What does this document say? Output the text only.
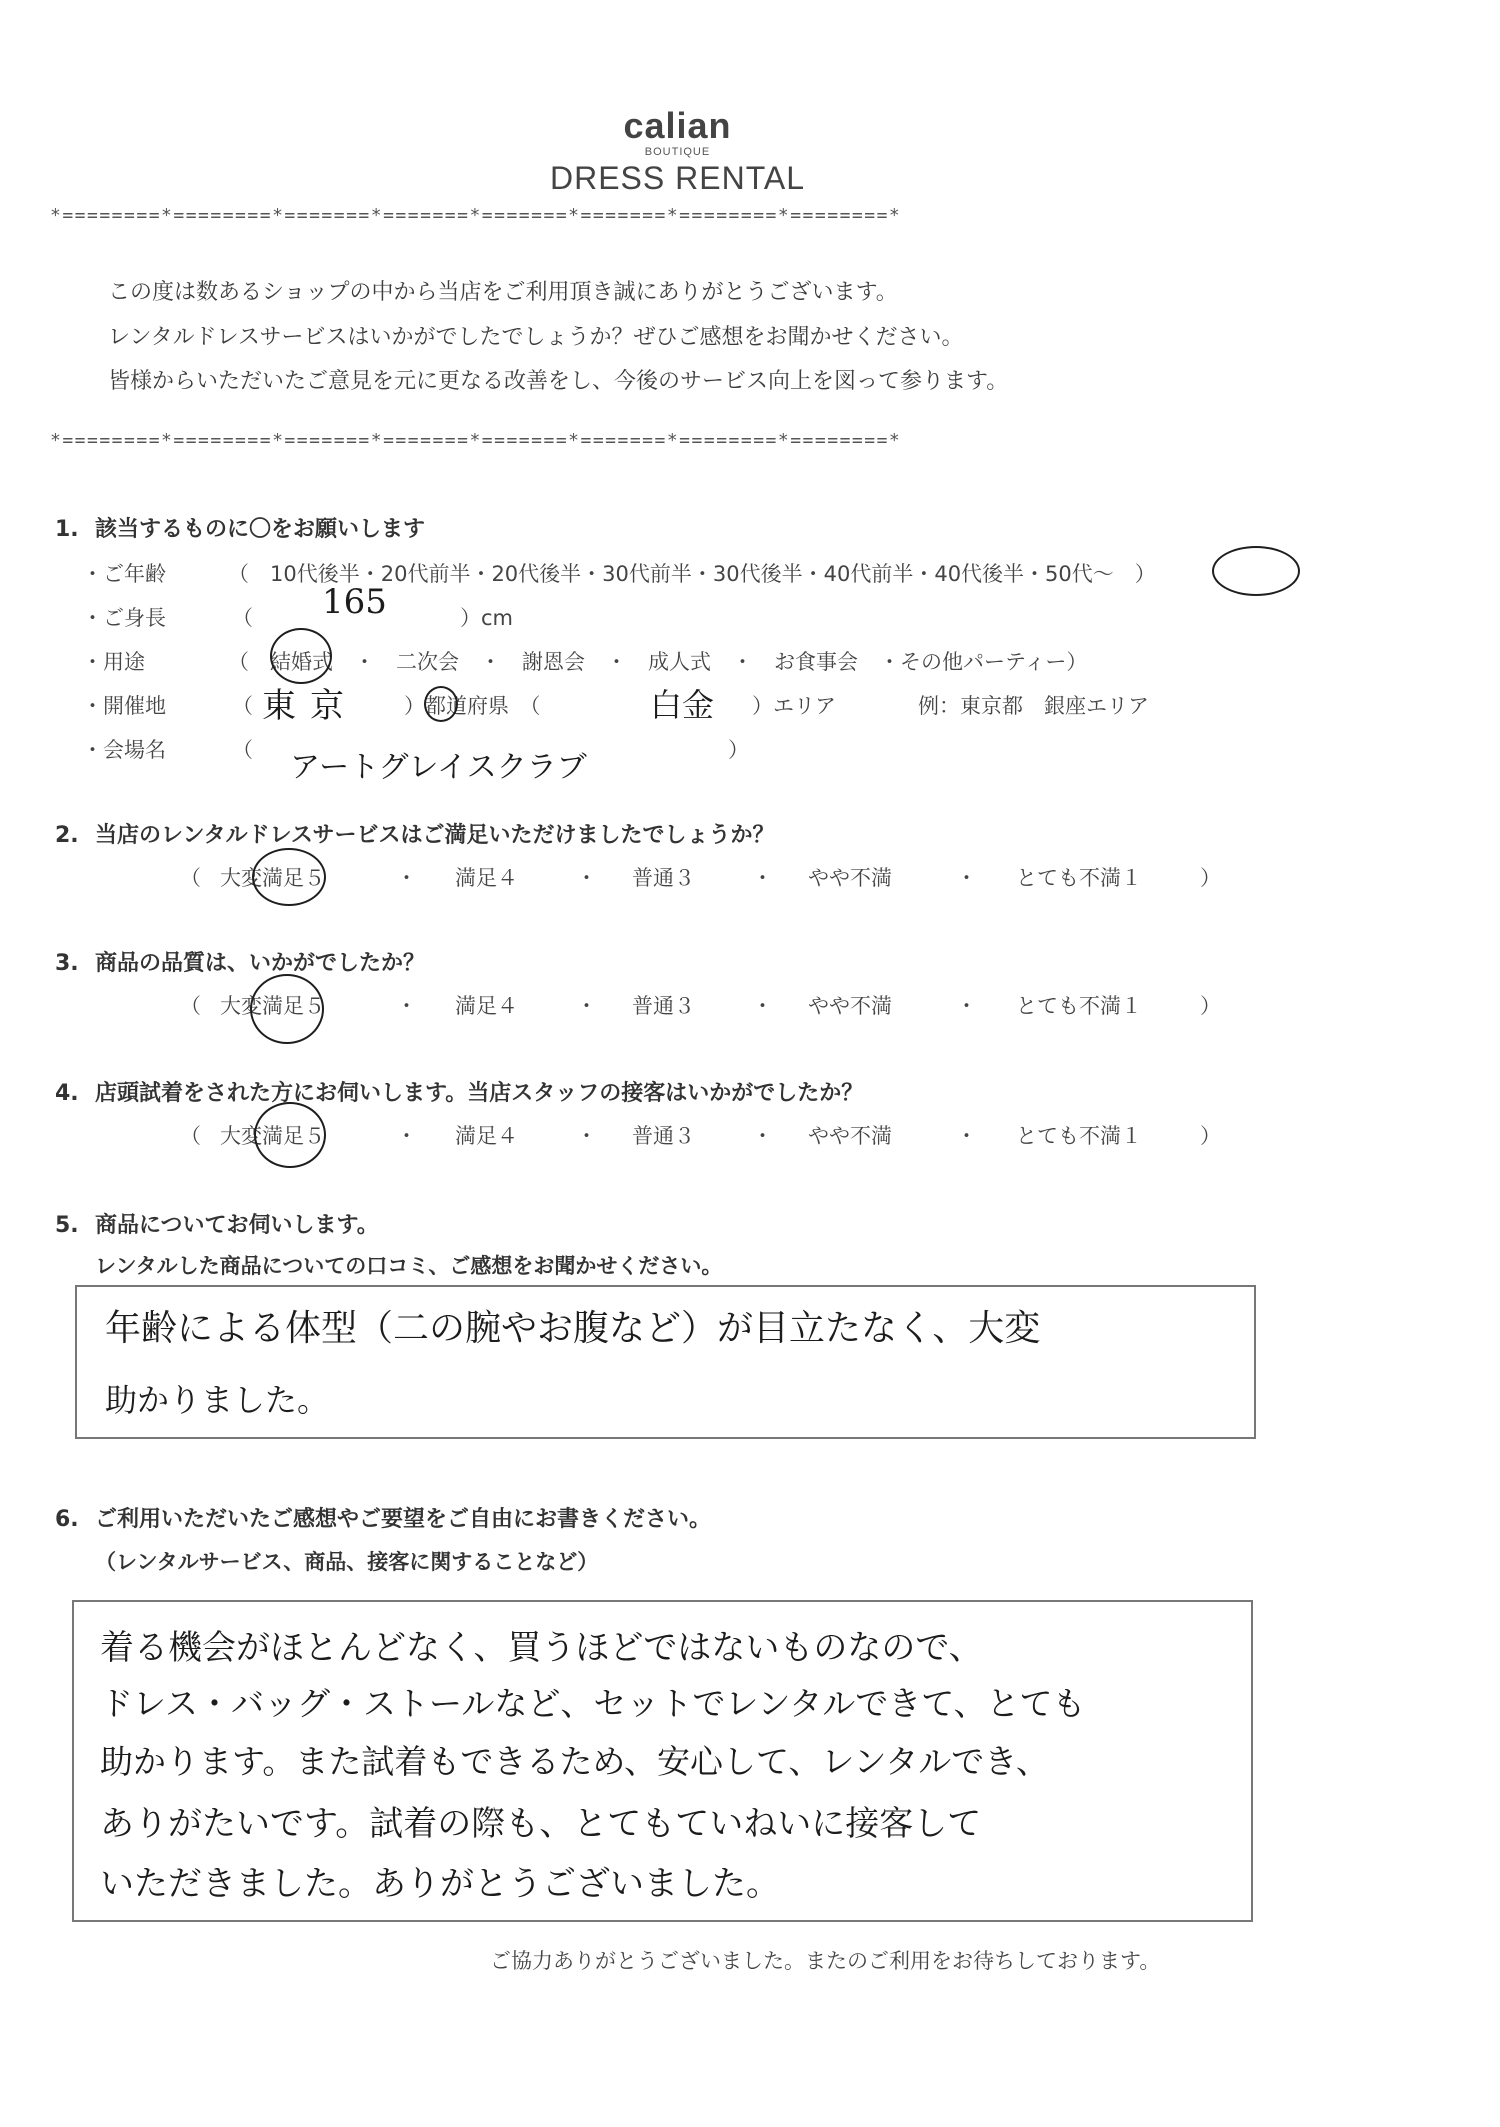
calian
BOUTIQUE
DRESS RENTAL
*========*========*=======*=======*=======*=======*========*========*
この度は数あるショップの中から当店をご利用頂き誠にありがとうございます。
レンタルドレスサービスはいかがでしたでしょうか？ぜひご感想をお聞かせください。
皆様からいただいたご意見を元に更なる改善をし、今後のサービス向上を図って参ります。
*========*========*=======*=======*=======*=======*========*========*
1. 該当するものに〇をお願いします
・ご年齢	（　10代後半・20代前半・20代後半・30代前半・30代後半・40代前半・40代後半・50代〜　）
・ご身長	（ 165	）cm
・用途	（　結婚式　・　二次会　・　謝恩会　・　成人式　・　お食事会　・その他パーティー）
・開催地	（ 東京 ）都道府県　（	白金 ）エリア	例：東京都　銀座エリア
・会場名	（ アートグレイスクラブ	）
2. 当店のレンタルドレスサービスはご満足いただけましたでしょうか？
（ 大変満足５	・ 満足４	・ 普通３	・ やや不満	・ とても不満１	）
3. 商品の品質は、いかがでしたか？
（ 大変満足５	・ 満足４	・ 普通３	・ やや不満	・ とても不満１	）
4. 店頭試着をされた方にお伺いします。当店スタッフの接客はいかがでしたか？
（ 大変満足５	・ 満足４	・ 普通３	・ やや不満	・ とても不満１	）
5. 商品についてお伺いします。
レンタルした商品についての口コミ、ご感想をお聞かせください。
年齢による体型（二の腕やお腹など）が目立たなく、大変
助かりました。
6. ご利用いただいたご感想やご要望をご自由にお書きください。
（レンタルサービス、商品、接客に関することなど）
着る機会がほとんどなく、買うほどではないものなので、
ドレス・バッグ・ストールなど、セットでレンタルできて、とても
助かります。また試着もできるため、安心して、レンタルでき、
ありがたいです。試着の際も、とてもていねいに接客して
いただきました。ありがとうございました。
ご協力ありがとうございました。またのご利用をお待ちしております。
